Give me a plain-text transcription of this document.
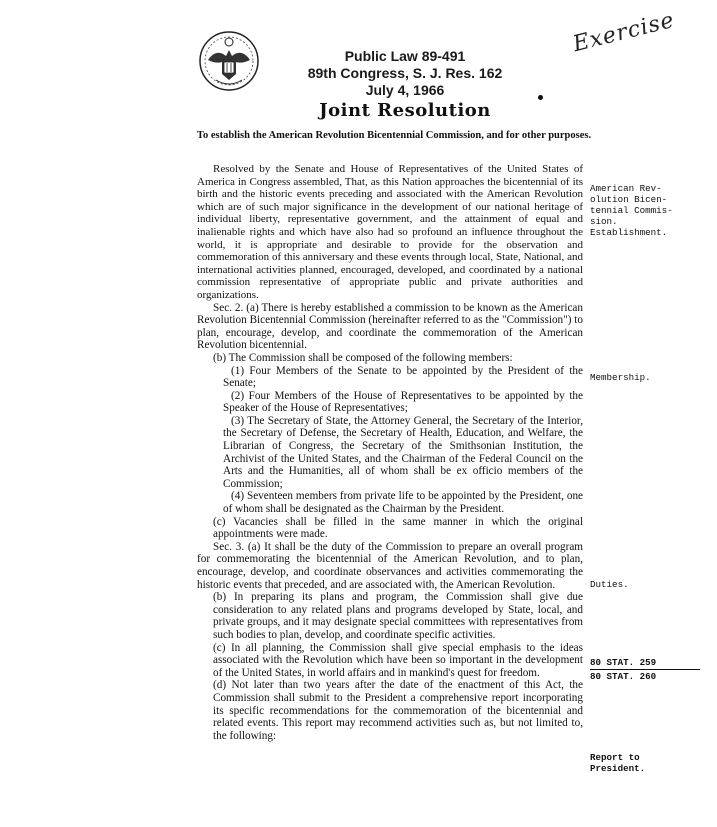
Exercise
Public Law 89-491
89th Congress, S. J. Res. 162
July 4, 1966
Joint Resolution
To establish the American Revolution Bicentennial Commission, and for other purposes.

Resolved by the Senate and House of Representatives of the United States of America in Congress assembled, That, as this Nation approaches the bicentennial of its birth and the historic events preceding and associated with the American Revolution which are of such major significance in the development of our national heritage of individual liberty, representative government, and the attainment of equal and inalienable rights and which have also had so profound an influence throughout the world, it is appropriate and desirable to provide for the observation and commemoration of this anniversary and these events through local, State, National, and international activities planned, encouraged, developed, and coordinated by a national commission representative of appropriate public and private authorities and organizations.

Sec. 2. (a) There is hereby established a commission to be known as the American Revolution Bicentennial Commission (hereinafter referred to as the "Commission") to plan, encourage, develop, and coordinate the commemoration of the American Revolution bicentennial.

(b) The Commission shall be composed of the following members:

(1) Four Members of the Senate to be appointed by the President of the Senate;

(2) Four Members of the House of Representatives to be appointed by the Speaker of the House of Representatives;

(3) The Secretary of State, the Attorney General, the Secretary of the Interior, the Secretary of Defense, the Secretary of Health, Education, and Welfare, the Librarian of Congress, the Secretary of the Smithsonian Institution, the Archivist of the United States, and the Chairman of the Federal Council on the Arts and the Humanities, all of whom shall be ex officio members of the Commission;

(4) Seventeen members from private life to be appointed by the President, one of whom shall be designated as the Chairman by the President.

(c) Vacancies shall be filled in the same manner in which the original appointments were made.

Sec. 3. (a) It shall be the duty of the Commission to prepare an overall program for commemorating the bicentennial of the American Revolution, and to plan, encourage, develop, and coordinate observances and activities commemorating the historic events that preceded, and are associated with, the American Revolution.

(b) In preparing its plans and program, the Commission shall give due consideration to any related plans and programs developed by State, local, and private groups, and it may designate special committees with representatives from such bodies to plan, develop, and coordinate specific activities.

(c) In all planning, the Commission shall give special emphasis to the ideas associated with the Revolution which have been so important in the development of the United States, in world affairs and in mankind's quest for freedom.

(d) Not later than two years after the date of the enactment of this Act, the Commission shall submit to the President a comprehensive report incorporating its specific recommendations for the commemoration of the bicentennial and related events. This report may recommend activities such as, but not limited to, the following:

American Rev-
olution Bicen-
tennial Commis-
sion.
Establishment.
Membership.
Duties.
80 STAT. 259
80 STAT. 260
Report to
President.
